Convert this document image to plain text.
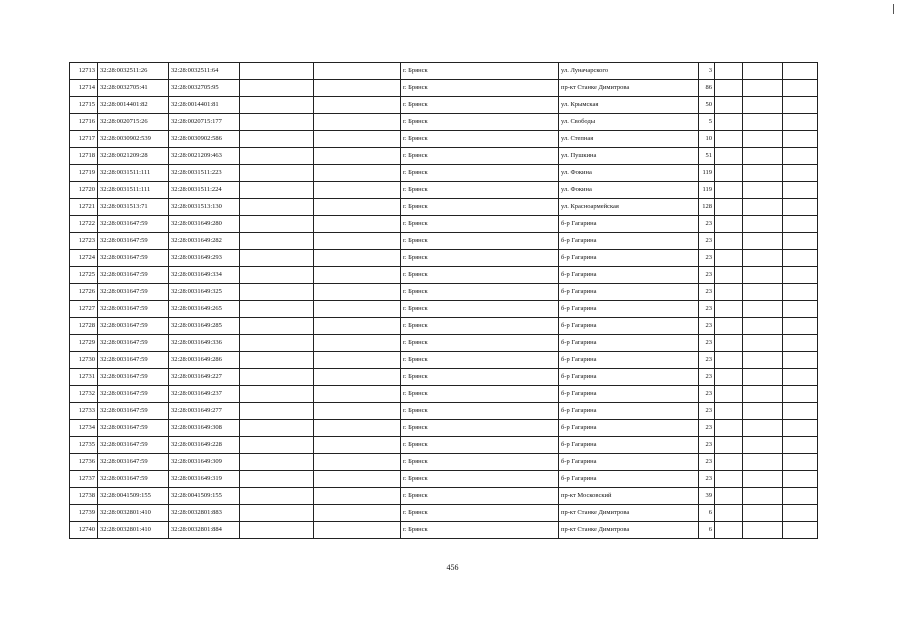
12713	32:28:0032511:26	32:28:0032511:64			г. Брянск	ул. Луначарского	3			
12714	32:28:0032705:41	32:28:0032705:95			г. Брянск	пр-кт Станке Димитрова	86			
12715	32:28:0014401:82	32:28:0014401:81			г. Брянск	ул. Крымская	50			
12716	32:28:0020715:26	32:28:0020715:177			г. Брянск	ул. Свободы	5			
12717	32:28:0030902:539	32:28:0030902:586			г. Брянск	ул. Степная	10			
12718	32:28:0021209:28	32:28:0021209:463			г. Брянск	ул. Пушкина	51			
12719	32:28:0031511:111	32:28:0031511:223			г. Брянск	ул. Фокина	119			
12720	32:28:0031511:111	32:28:0031511:224			г. Брянск	ул. Фокина	119			
12721	32:28:0031513:71	32:28:0031513:130			г. Брянск	ул. Красноармейская	128			
12722	32:28:0031647:59	32:28:0031649:280			г. Брянск	б-р Гагарина	23			
12723	32:28:0031647:59	32:28:0031649:282			г. Брянск	б-р Гагарина	23			
12724	32:28:0031647:59	32:28:0031649:293			г. Брянск	б-р Гагарина	23			
12725	32:28:0031647:59	32:28:0031649:334			г. Брянск	б-р Гагарина	23			
12726	32:28:0031647:59	32:28:0031649:325			г. Брянск	б-р Гагарина	23			
12727	32:28:0031647:59	32:28:0031649:265			г. Брянск	б-р Гагарина	23			
12728	32:28:0031647:59	32:28:0031649:285			г. Брянск	б-р Гагарина	23			
12729	32:28:0031647:59	32:28:0031649:336			г. Брянск	б-р Гагарина	23			
12730	32:28:0031647:59	32:28:0031649:286			г. Брянск	б-р Гагарина	23			
12731	32:28:0031647:59	32:28:0031649:227			г. Брянск	б-р Гагарина	23			
12732	32:28:0031647:59	32:28:0031649:237			г. Брянск	б-р Гагарина	23			
12733	32:28:0031647:59	32:28:0031649:277			г. Брянск	б-р Гагарина	23			
12734	32:28:0031647:59	32:28:0031649:308			г. Брянск	б-р Гагарина	23			
12735	32:28:0031647:59	32:28:0031649:228			г. Брянск	б-р Гагарина	23			
12736	32:28:0031647:59	32:28:0031649:309			г. Брянск	б-р Гагарина	23			
12737	32:28:0031647:59	32:28:0031649:319			г. Брянск	б-р Гагарина	23			
12738	32:28:0041509:155	32:28:0041509:155			г. Брянск	пр-кт Московский	39			
12739	32:28:0032801:410	32:28:0032801:883			г. Брянск	пр-кт Станке Димитрова	6			
12740	32:28:0032801:410	32:28:0032801:884			г. Брянск	пр-кт Станке Димитрова	6			
456
